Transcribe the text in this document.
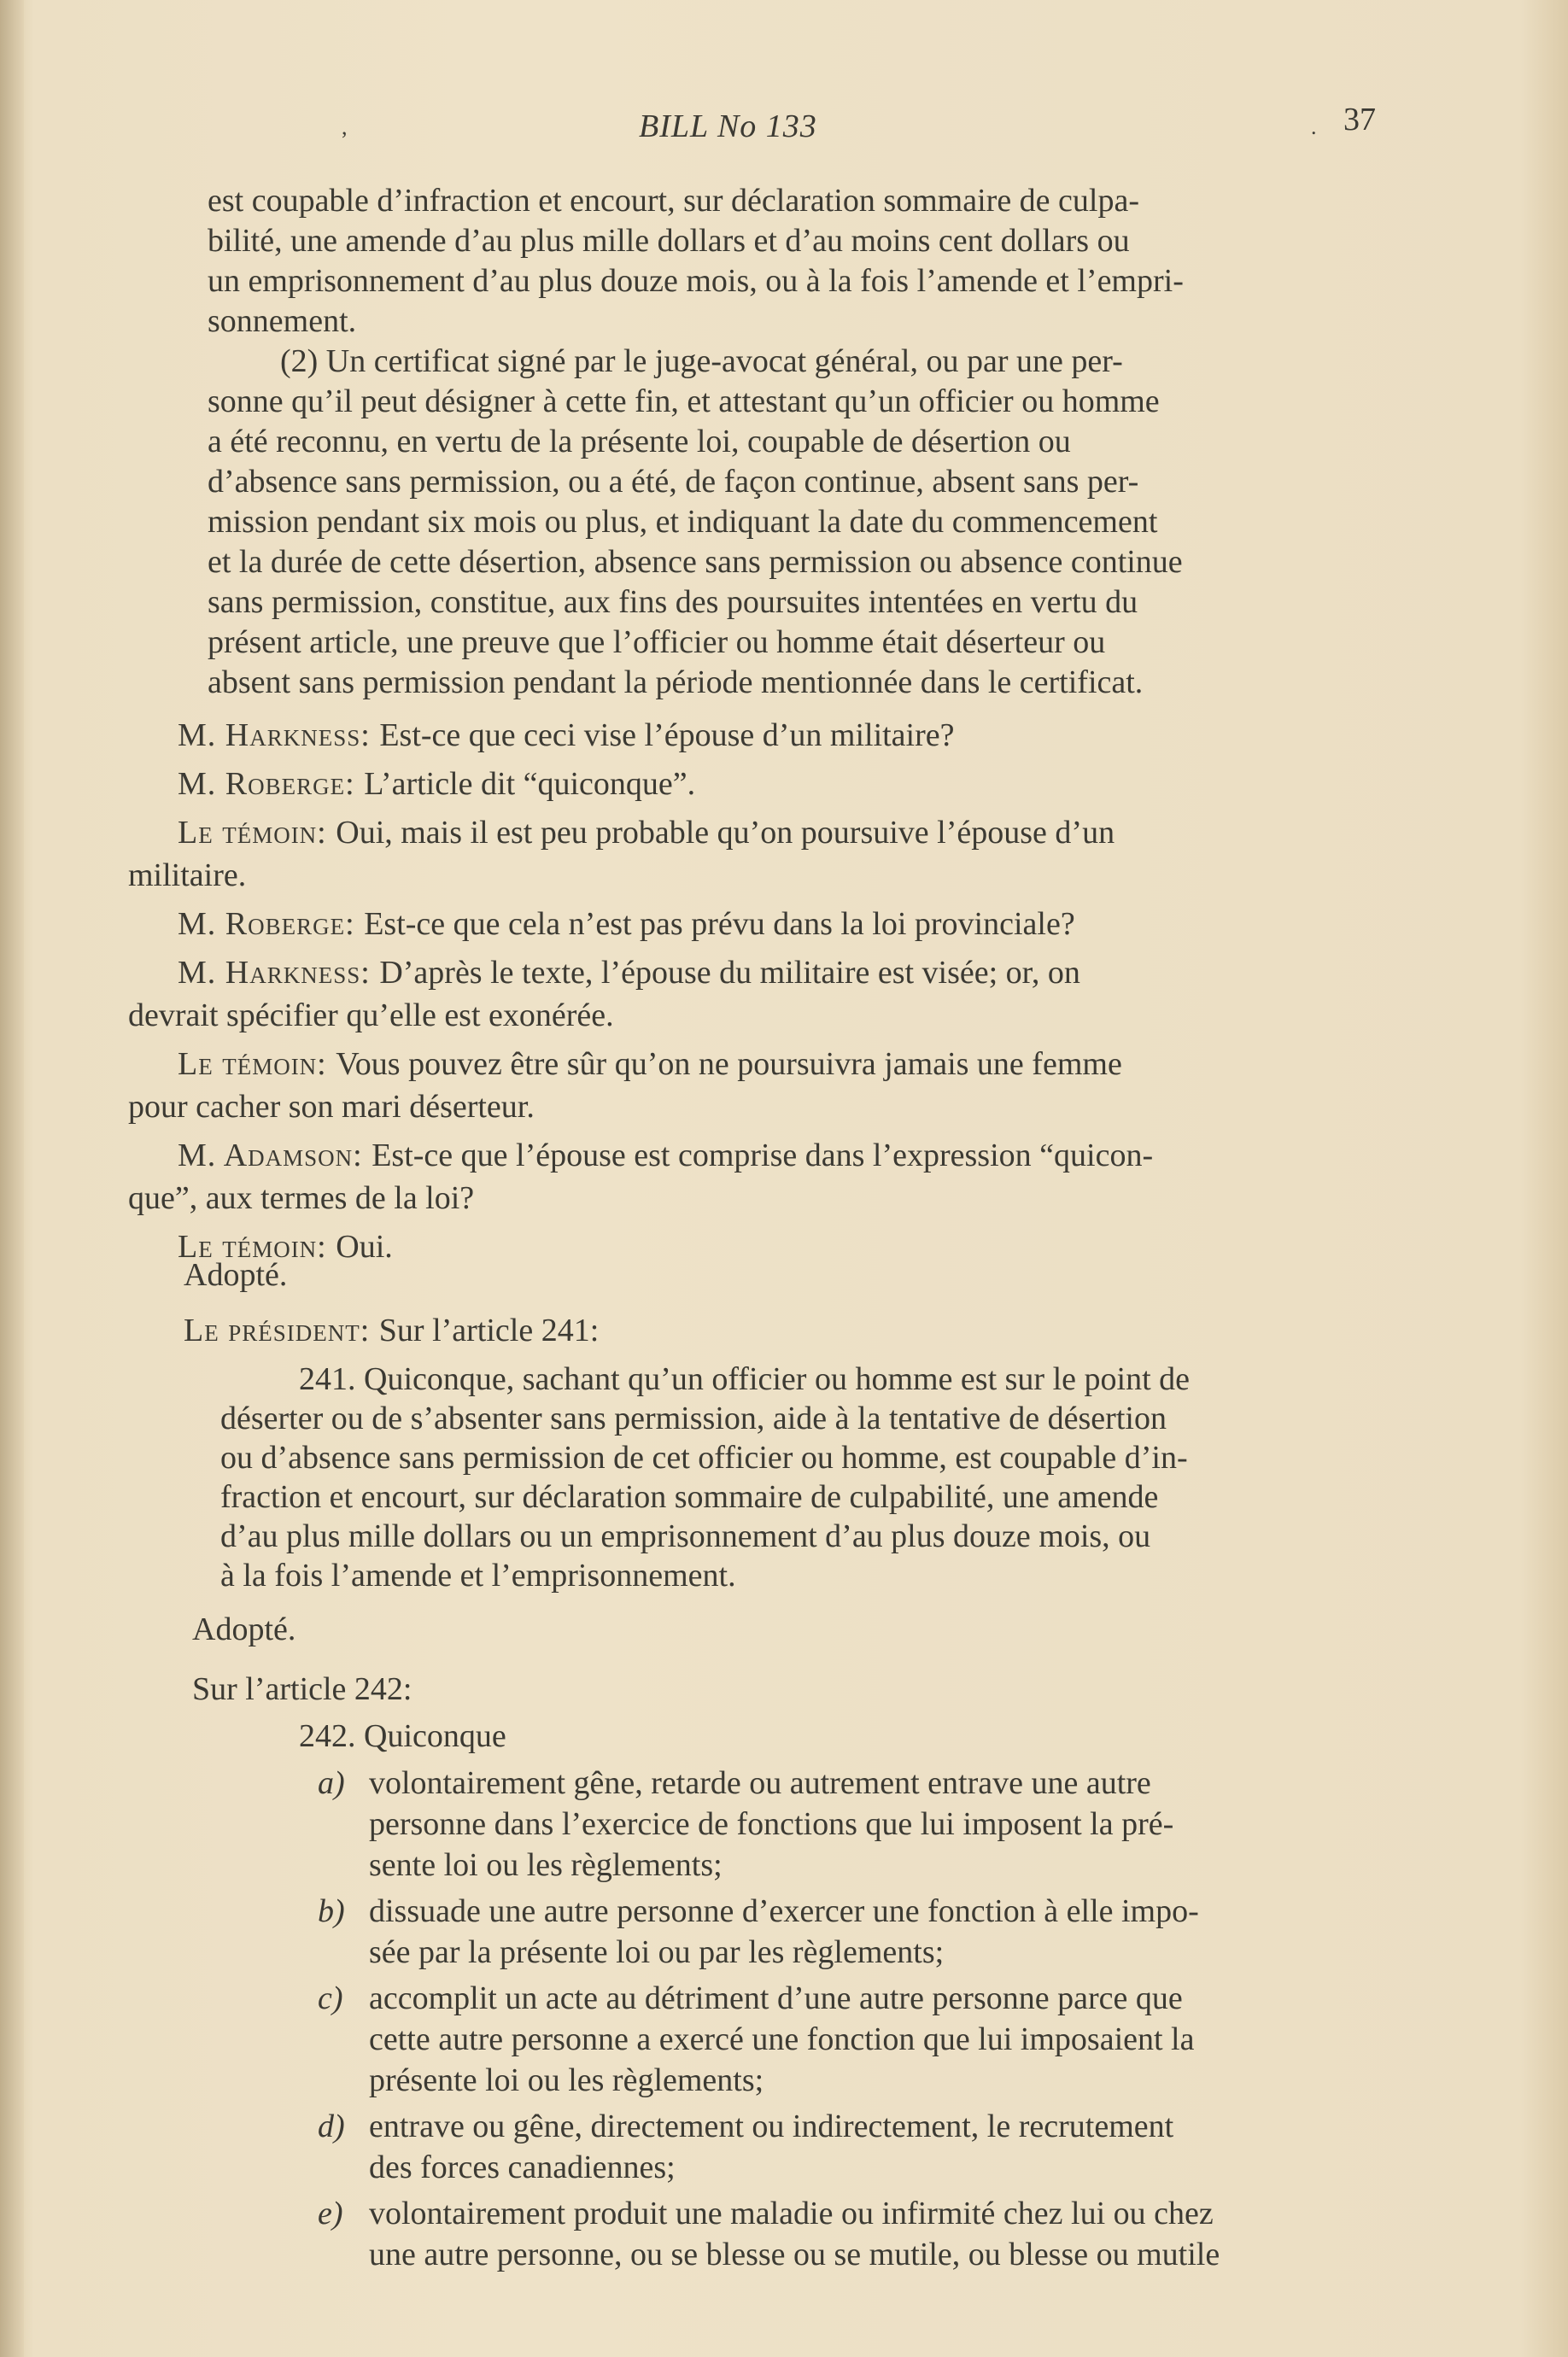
,	BILL No 133	. 37
est coupable d’infraction et encourt, sur déclaration sommaire de culpa-
bilité, une amende d’au plus mille dollars et d’au moins cent dollars ou
un emprisonnement d’au plus douze mois, ou à la fois l’amende et l’empri-
sonnement.
(2) Un certificat signé par le juge-avocat général, ou par une per-
sonne qu’il peut désigner à cette fin, et attestant qu’un officier ou homme
a été reconnu, en vertu de la présente loi, coupable de désertion ou
d’absence sans permission, ou a été, de façon continue, absent sans per-
mission pendant six mois ou plus, et indiquant la date du commencement
et la durée de cette désertion, absence sans permission ou absence continue
sans permission, constitue, aux fins des poursuites intentées en vertu du
présent article, une preuve que l’officier ou homme était déserteur ou
absent sans permission pendant la période mentionnée dans le certificat.
M. Harkness: Est-ce que ceci vise l’épouse d’un militaire?
M. Roberge: L’article dit “quiconque”.
Le témoin: Oui, mais il est peu probable qu’on poursuive l’épouse d’un
militaire.
M. Roberge: Est-ce que cela n’est pas prévu dans la loi provinciale?
M. Harkness: D’après le texte, l’épouse du militaire est visée; or, on
devrait spécifier qu’elle est exonérée.
Le témoin: Vous pouvez être sûr qu’on ne poursuivra jamais une femme
pour cacher son mari déserteur.
M. Adamson: Est-ce que l’épouse est comprise dans l’expression “quicon-
que”, aux termes de la loi?
Le témoin: Oui.
Adopté.
Le président: Sur l’article 241:
241. Quiconque, sachant qu’un officier ou homme est sur le point de
déserter ou de s’absenter sans permission, aide à la tentative de désertion
ou d’absence sans permission de cet officier ou homme, est coupable d’in-
fraction et encourt, sur déclaration sommaire de culpabilité, une amende
d’au plus mille dollars ou un emprisonnement d’au plus douze mois, ou
à la fois l’amende et l’emprisonnement.
Adopté.
Sur l’article 242:
242. Quiconque
a) volontairement gêne, retarde ou autrement entrave une autre
personne dans l’exercice de fonctions que lui imposent la pré-
sente loi ou les règlements;
b) dissuade une autre personne d’exercer une fonction à elle impo-
sée par la présente loi ou par les règlements;
c) accomplit un acte au détriment d’une autre personne parce que
cette autre personne a exercé une fonction que lui imposaient la
présente loi ou les règlements;
d) entrave ou gêne, directement ou indirectement, le recrutement
des forces canadiennes;
e) volontairement produit une maladie ou infirmité chez lui ou chez
une autre personne, ou se blesse ou se mutile, ou blesse ou mutile
